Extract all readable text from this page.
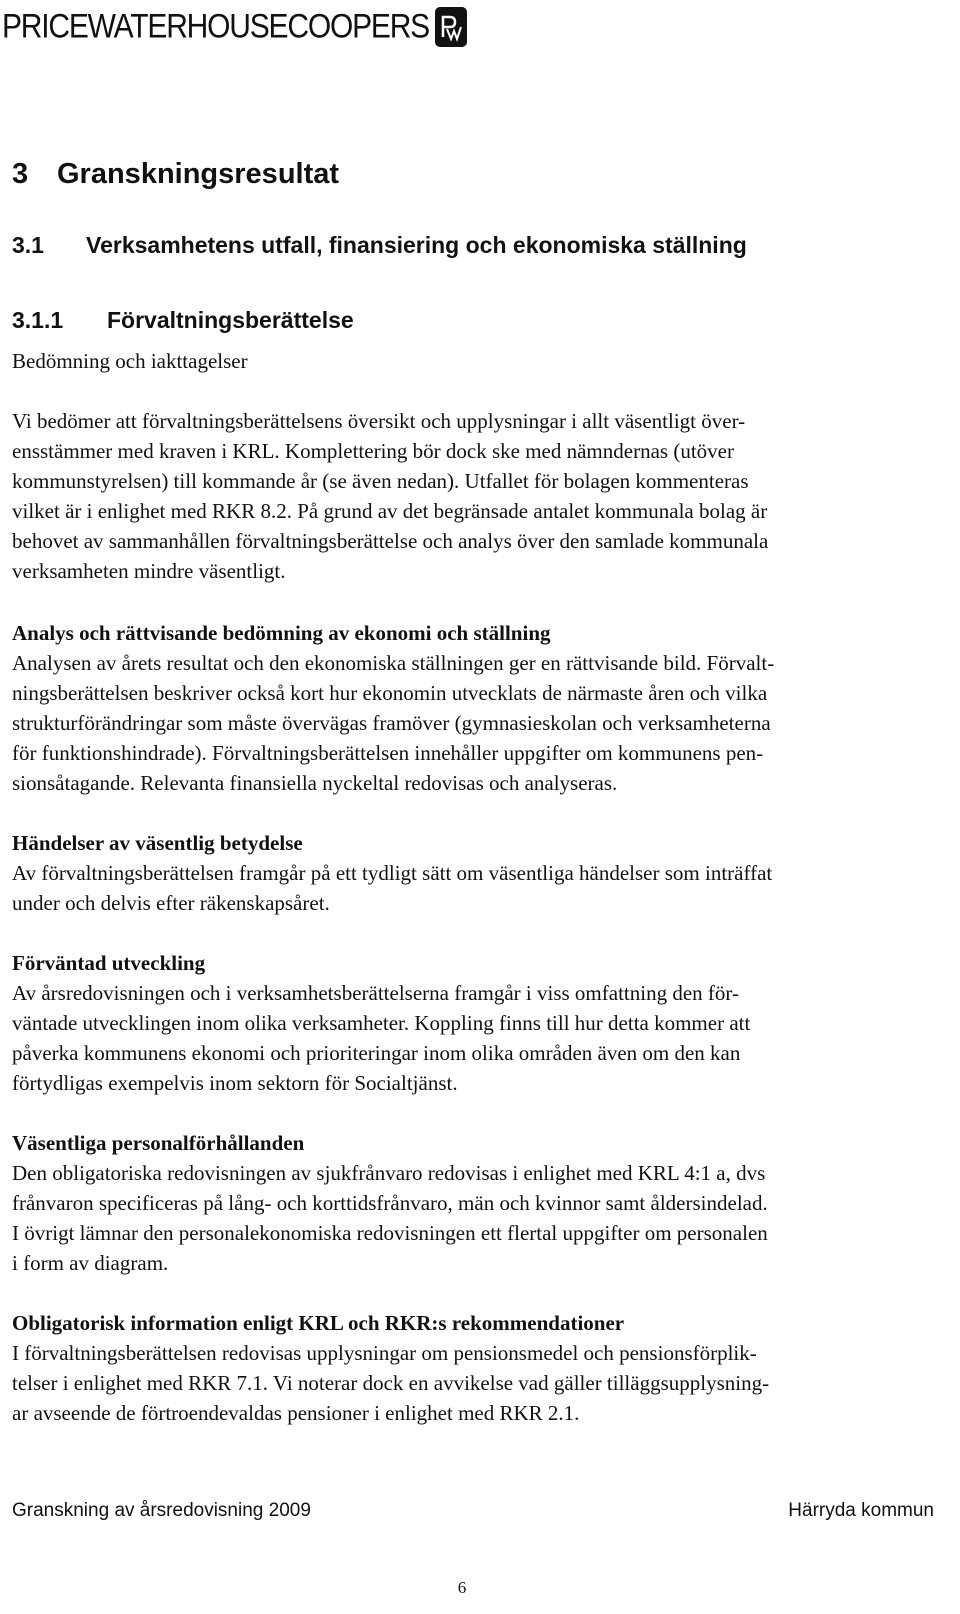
PRICEWATERHOUSECOOPERS
3 Granskningsresultat
3.1 Verksamhetens utfall, finansiering och ekonomiska ställning
3.1.1 Förvaltningsberättelse

Bedömning och iakttagelser

Vi bedömer att förvaltningsberättelsens översikt och upplysningar i allt väsentligt över-
ensstämmer med kraven i KRL. Komplettering bör dock ske med nämndernas (utöver
kommunstyrelsen) till kommande år (se även nedan). Utfallet för bolagen kommenteras
vilket är i enlighet med RKR 8.2. På grund av det begränsade antalet kommunala bolag är
behovet av sammanhållen förvaltningsberättelse och analys över den samlade kommunala
verksamheten mindre väsentligt.

Analys och rättvisande bedömning av ekonomi och ställning

Analysen av årets resultat och den ekonomiska ställningen ger en rättvisande bild. Förvalt-
ningsberättelsen beskriver också kort hur ekonomin utvecklats de närmaste åren och vilka
strukturförändringar som måste övervägas framöver (gymnasieskolan och verksamheterna
för funktionshindrade). Förvaltningsberättelsen innehåller uppgifter om kommunens pen-
sionsåtagande. Relevanta finansiella nyckeltal redovisas och analyseras.

Händelser av väsentlig betydelse

Av förvaltningsberättelsen framgår på ett tydligt sätt om väsentliga händelser som inträffat
under och delvis efter räkenskapsåret.

Förväntad utveckling

Av årsredovisningen och i verksamhetsberättelserna framgår i viss omfattning den för-
väntade utvecklingen inom olika verksamheter. Koppling finns till hur detta kommer att
påverka kommunens ekonomi och prioriteringar inom olika områden även om den kan
förtydligas exempelvis inom sektorn för Socialtjänst.

Väsentliga personalförhållanden

Den obligatoriska redovisningen av sjukfrånvaro redovisas i enlighet med KRL 4:1 a, dvs
frånvaron specificeras på lång- och korttidsfrånvaro, män och kvinnor samt åldersindelad.
I övrigt lämnar den personalekonomiska redovisningen ett flertal uppgifter om personalen
i form av diagram.

Obligatorisk information enligt KRL och RKR:s rekommendationer

I förvaltningsberättelsen redovisas upplysningar om pensionsmedel och pensionsförplik-
telser i enlighet med RKR 7.1. Vi noterar dock en avvikelse vad gäller tilläggsupplysning-
ar avseende de förtroendevaldas pensioner i enlighet med RKR 2.1.

Granskning av årsredovisning 2009	Härryda kommun
6
